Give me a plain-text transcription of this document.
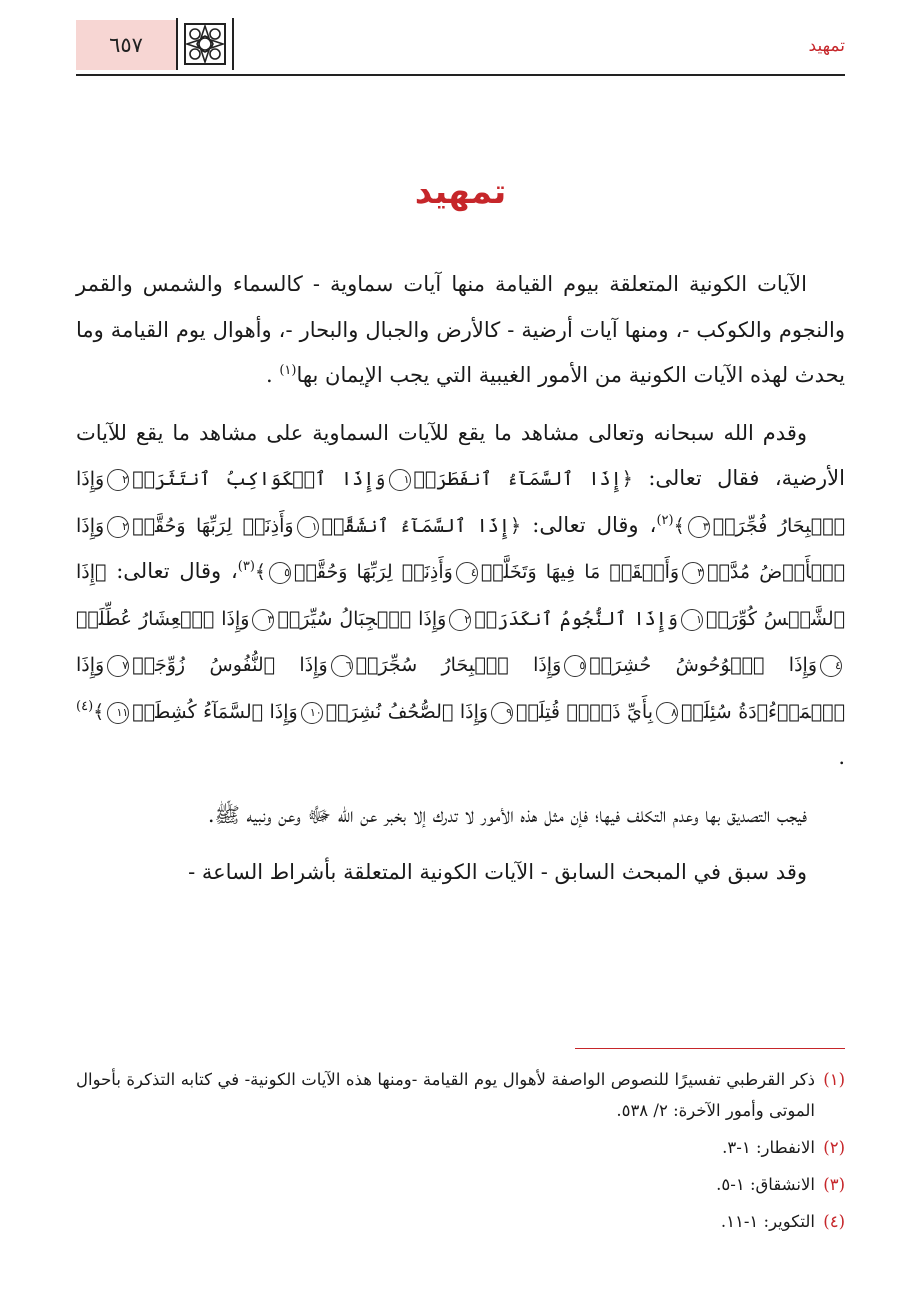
تمهيد
٦٥٧
تمهيد

الآيات الكونية المتعلقة بيوم القيامة منها آيات سماوية - كالسماء والشمس والقمر والنجوم والكوكب -، ومنها آيات أرضية - كالأرض والجبال والبحار -، وأهوال يوم القيامة وما يحدث لهذه الآيات الكونية من الأمور الغيبية التي يجب الإيمان بها$^{(١)}$ .

وقدم الله سبحانه وتعالى مشاهد ما يقع للآيات السماوية على مشاهد ما يقع للآيات الأرضية، فقال تعالى: ﴿إِذَا ٱلسَّمَآءُ ٱنفَطَرَتۡ١وَإِذَا ٱلۡكَوَاكِبُ ٱنتَثَرَتۡ٢وَإِذَا ٱلۡبِحَارُ فُجِّرَتۡ٣﴾$^{(٢)}$، وقال تعالى: ﴿إِذَا ٱلسَّمَآءُ ٱنشَقَّتۡ١وَأَذِنَتۡ لِرَبِّهَا وَحُقَّتۡ٢وَإِذَا ٱلۡأَرۡضُ مُدَّتۡ٣وَأَلۡقَتۡ مَا فِيهَا وَتَخَلَّتۡ٤وَأَذِنَتۡ لِرَبِّهَا وَحُقَّتۡ٥﴾$^{(٣)}$، وقال تعالى: ﴿إِذَا ٱلشَّمۡسُ كُوِّرَتۡ١وَإِذَا ٱلنُّجُومُ ٱنكَدَرَتۡ٢وَإِذَا ٱلۡجِبَالُ سُيِّرَتۡ٣وَإِذَا ٱلۡعِشَارُ عُطِّلَتۡ٤وَإِذَا ٱلۡوُحُوشُ حُشِرَتۡ٥وَإِذَا ٱلۡبِحَارُ سُجِّرَتۡ٦وَإِذَا ٱلنُّفُوسُ زُوِّجَتۡ٧وَإِذَا ٱلۡمَوۡءُۥدَةُ سُئِلَتۡ٨بِأَيِّ ذَنۢبٖ قُتِلَتۡ٩وَإِذَا ٱلصُّحُفُ نُشِرَتۡ١٠وَإِذَا ٱلسَّمَآءُ كُشِطَتۡ١١﴾$^{(٤)}$ .

فيجب التصديق بها وعدم التكلف فيها؛ فإن مثل هذه الأمور لا تدرك إلا بخبر عن الله ﷻ وعن ونبيه ﷺ.

وقد سبق في المبحث السابق - الآيات الكونية المتعلقة بأشراط الساعة -

(١)
ذكر القرطبي تفسيرًا للنصوص الواصفة لأهوال يوم القيامة -ومنها هذه الآيات الكونية- في كتابه التذكرة بأحوال الموتى وأمور الآخرة: ٢/ ٥٣٨.
(٢)
الانفطار: ١-٣.
(٣)
الانشقاق: ١-٥.
(٤)
التكوير: ١-١١.
